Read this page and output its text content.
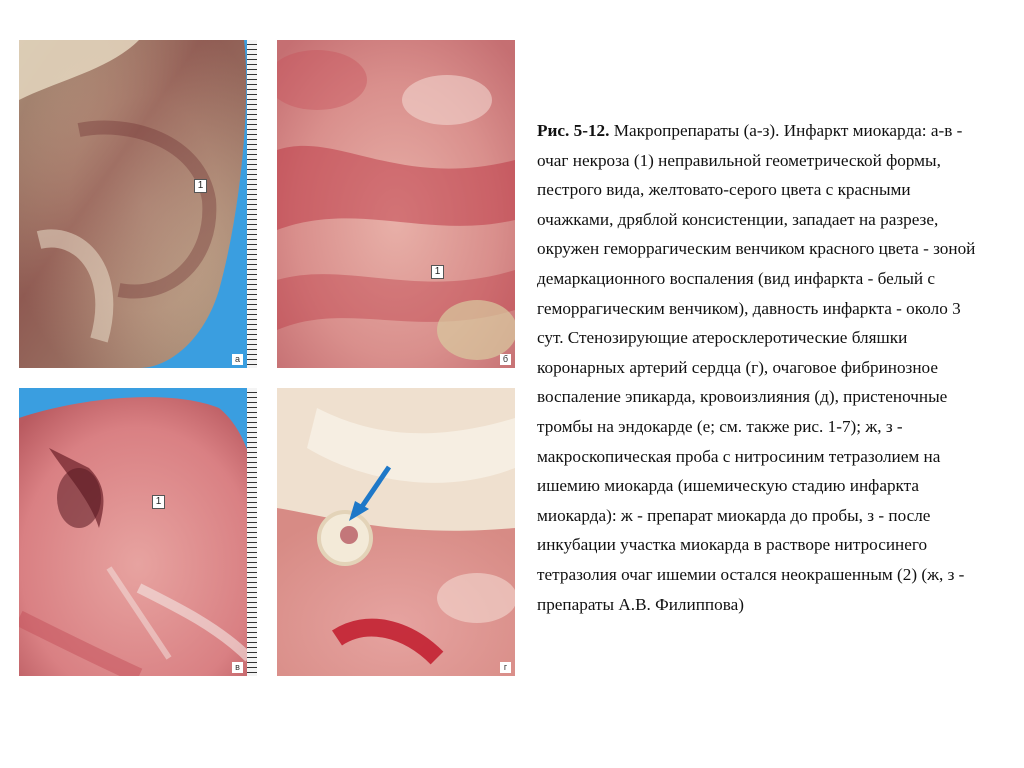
1
а
1
б
1
в	г
Рис. 5-12. Макропрепараты (а-з). Инфаркт миокарда: а-в - очаг некроза (1) неправильной геометрической формы, пестрого вида, желтовато-серого цвета с красными очажками, дряблой консистенции, западает на разрезе, окружен геморрагическим венчиком красного цвета - зоной демаркационного воспаления (вид инфаркта - белый с геморрагическим венчиком), давность инфаркта - около 3 сут. Стенозирующие атеросклеротические бляшки коронарных артерий сердца (г), очаговое фибринозное воспаление эпикарда, кровоизлияния (д), пристеночные тромбы на эндокарде (е; см. также рис. 1-7); ж, з - макроскопическая проба с нитросиним тетразолием на ишемию миокарда (ишемическую стадию инфаркта миокарда): ж - препарат миокарда до пробы, з - после инкубации участка миокарда в растворе нитросинего тетразолия очаг ишемии остался неокрашенным (2) (ж, з - препараты А.В. Филиппова)
